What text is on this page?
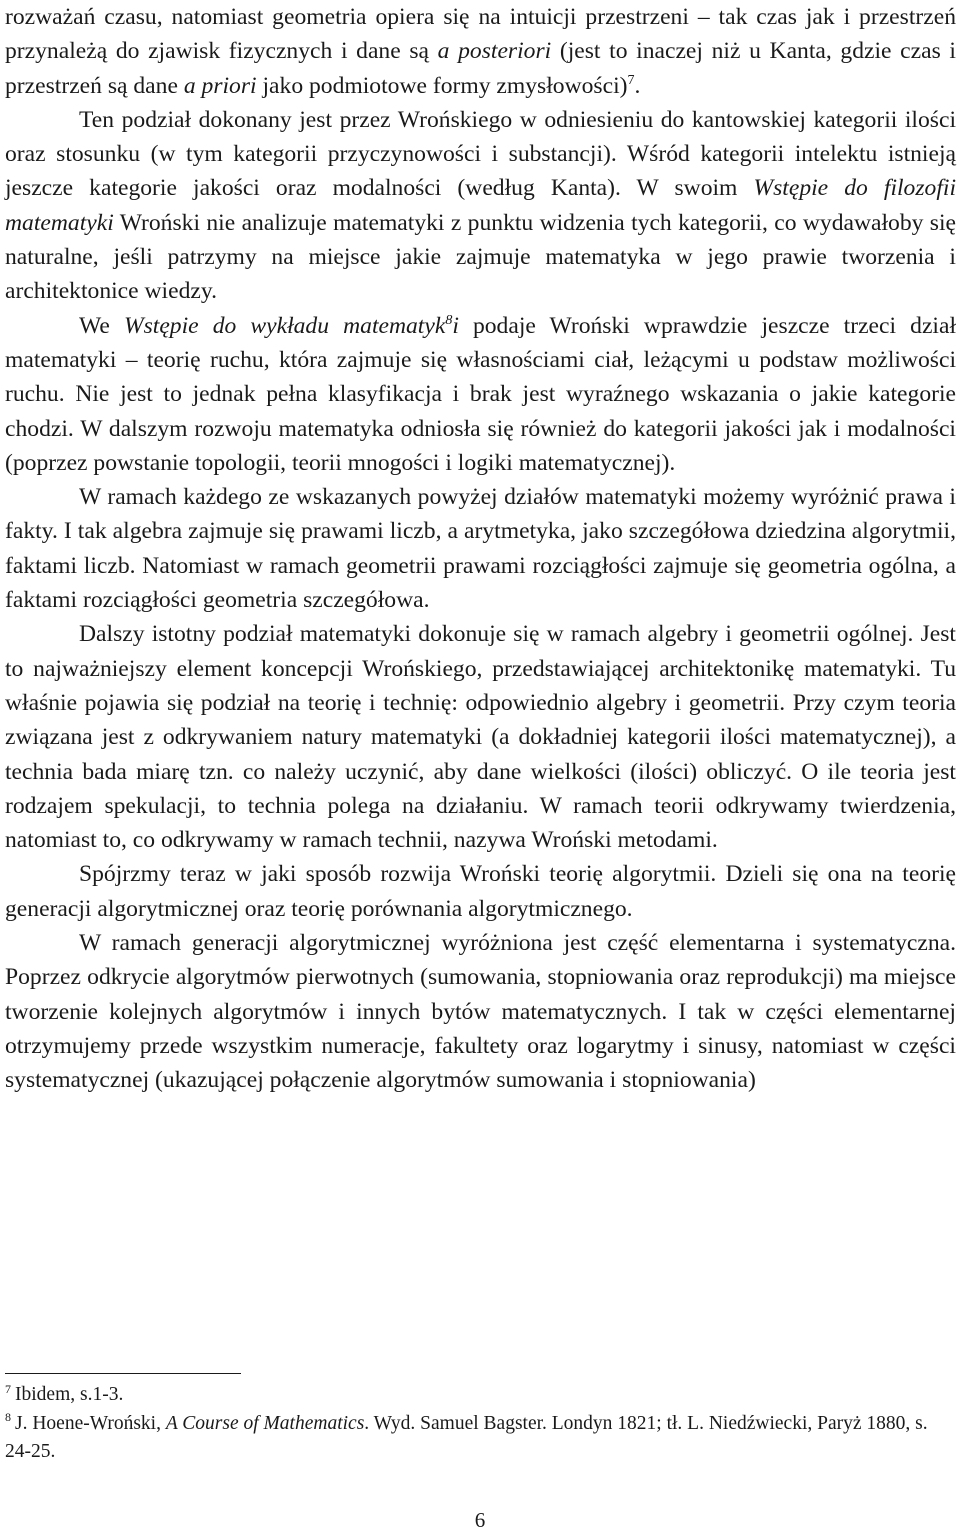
rozważań czasu, natomiast geometria opiera się na intuicji przestrzeni – tak czas jak i przestrzeń przynależą do zjawisk fizycznych i dane są a posteriori (jest to inaczej niż u Kanta, gdzie czas i przestrzeń są dane a priori jako podmiotowe formy zmysłowości)$^7$.

Ten podział dokonany jest przez Wrońskiego w odniesieniu do kantowskiej kategorii ilości oraz stosunku (w tym kategorii przyczynowości i substancji). Wśród kategorii intelektu istnieją jeszcze kategorie jakości oraz modalności (według Kanta). W swoim Wstępie do filozofii matematyki Wroński nie analizuje matematyki z punktu widzenia tych kategorii, co wydawałoby się naturalne, jeśli patrzymy na miejsce jakie zajmuje matematyka w jego prawie tworzenia i architektonice wiedzy.

We Wstępie do wykładu matematyk$^8$i podaje Wroński wprawdzie jeszcze trzeci dział matematyki – teorię ruchu, która zajmuje się własnościami ciał, leżącymi u podstaw możliwości ruchu. Nie jest to jednak pełna klasyfikacja i brak jest wyraźnego wskazania o jakie kategorie chodzi. W dalszym rozwoju matematyka odniosła się również do kategorii jakości jak i modalności (poprzez powstanie topologii, teorii mnogości i logiki matematycznej).

W ramach każdego ze wskazanych powyżej działów matematyki możemy wyróżnić prawa i fakty. I tak algebra zajmuje się prawami liczb, a arytmetyka, jako szczegółowa dziedzina algorytmii, faktami liczb. Natomiast w ramach geometrii prawami rozciągłości zajmuje się geometria ogólna, a faktami rozciągłości geometria szczegółowa.

Dalszy istotny podział matematyki dokonuje się w ramach algebry i geometrii ogólnej. Jest to najważniejszy element koncepcji Wrońskiego, przedstawiającej architektonikę matematyki. Tu właśnie pojawia się podział na teorię i technię: odpowiednio algebry i geometrii. Przy czym teoria związana jest z odkrywaniem natury matematyki (a dokładniej kategorii ilości matematycznej), a technia bada miarę tzn. co należy uczynić, aby dane wielkości (ilości) obliczyć. O ile teoria jest rodzajem spekulacji, to technia polega na działaniu. W ramach teorii odkrywamy twierdzenia, natomiast to, co odkrywamy w ramach technii, nazywa Wroński metodami.

Spójrzmy teraz w jaki sposób rozwija Wroński teorię algorytmii. Dzieli się ona na teorię generacji algorytmicznej oraz teorię porównania algorytmicznego.

W ramach generacji algorytmicznej wyróżniona jest część elementarna i systematyczna. Poprzez odkrycie algorytmów pierwotnych (sumowania, stopniowania oraz reprodukcji) ma miejsce tworzenie kolejnych algorytmów i innych bytów matematycznych. I tak w części elementarnej otrzymujemy przede wszystkim numeracje, fakultety oraz logarytmy i sinusy, natomiast w części systematycznej (ukazującej połączenie algorytmów sumowania i stopniowania)

$^7$ Ibidem, s.1-3.

$^8$ J. Hoene-Wroński, A Course of Mathematics. Wyd. Samuel Bagster. Londyn 1821; tł. L. Niedźwiecki, Paryż 1880, s. 24-25.

6
